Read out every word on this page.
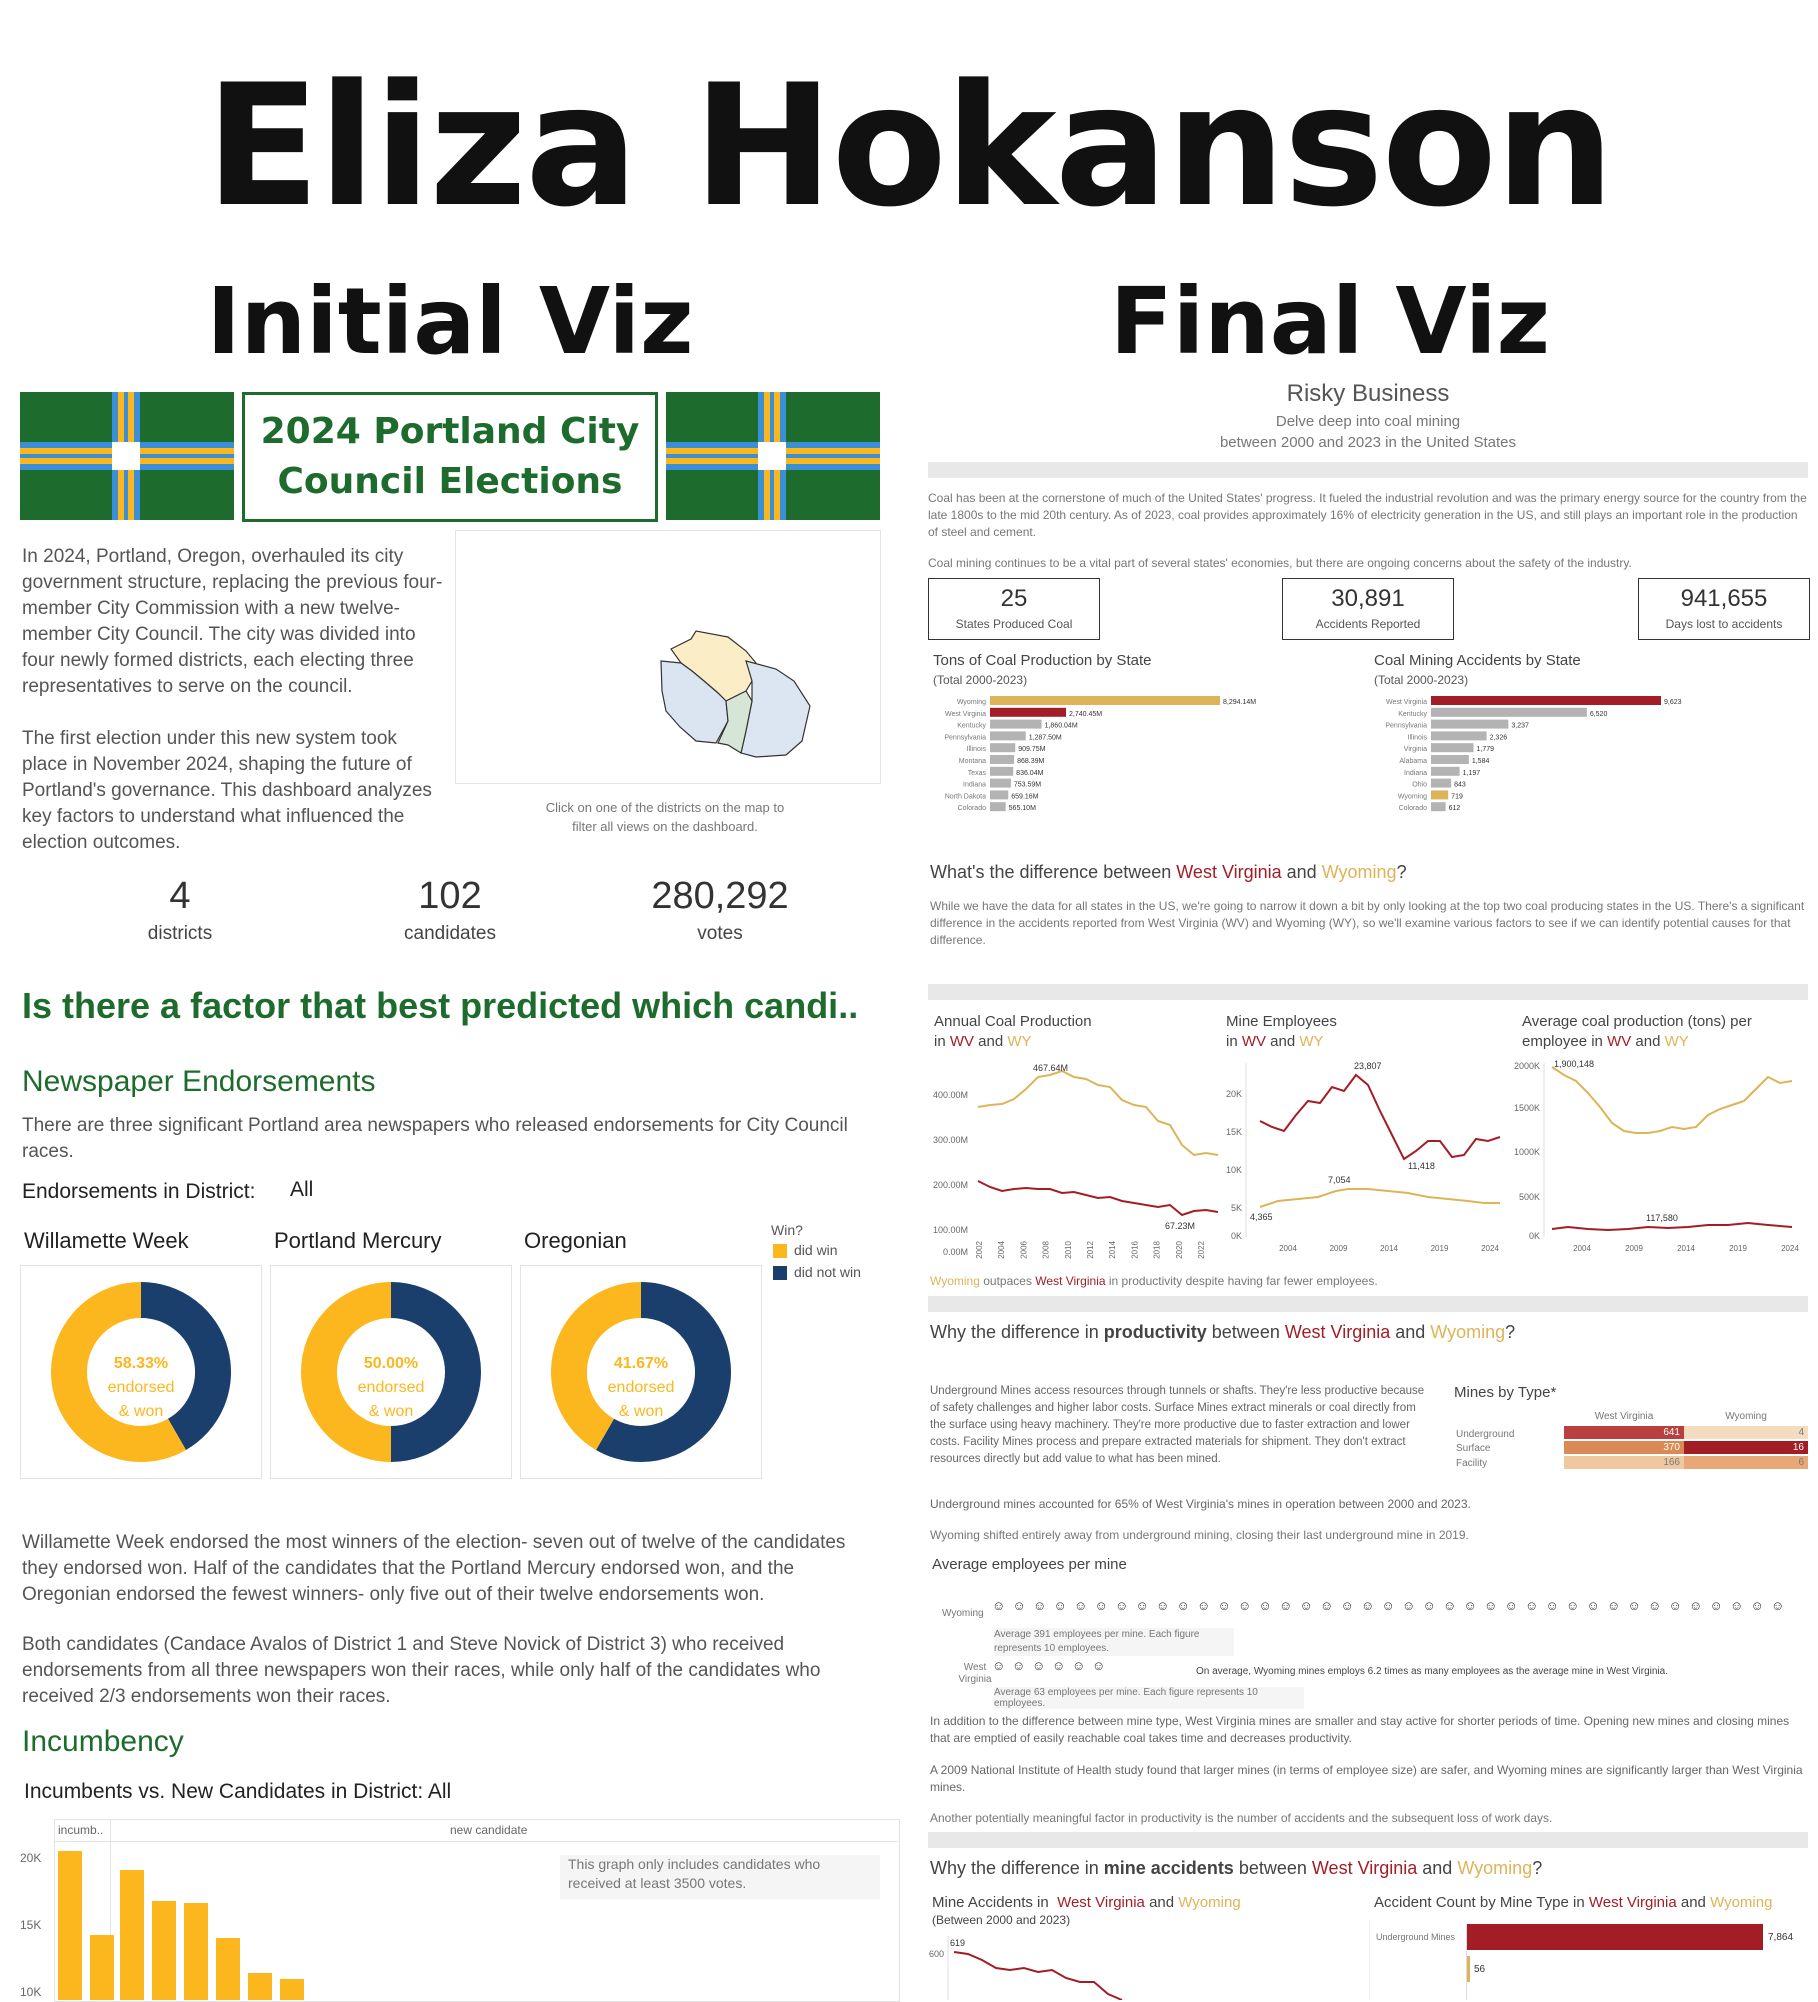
Eliza Hokanson
Initial Viz	Final Viz
2024 Portland City
Council Elections
In 2024, Portland, Oregon, overhauled its city government structure, replacing the previous four-member City Commission with a new twelve-member City Council. The city was divided into four newly formed districts, each electing three representatives to serve on the council.
The first election under this new system took place in November 2024, shaping the future of Portland's governance. This dashboard analyzes key factors to understand what influenced the election outcomes.
Click on one of the districts on the map to filter all views on the dashboard.
4
districts
102
candidates
280,292
votes
Is there a factor that best predicted which candi..
Newspaper Endorsements
There are three significant Portland area newspapers who released endorsements for City Council races.
Endorsements in District: All
Willamette Week	Portland Mercury	Oregonian	Win?
did win
did not win
58.33%
endorsed
& won
50.00%
endorsed
& won
41.67%
endorsed
& won
Willamette Week endorsed the most winners of the election- seven out of twelve of the candidates they endorsed won. Half of the candidates that the Portland Mercury endorsed won, and the Oregonian endorsed the fewest winners- only five out of their twelve endorsements won.
Both candidates (Candace Avalos of District 1 and Steve Novick of District 3) who received endorsements from all three newspapers won their races, while only half of the candidates who received 2/3 endorsements won their races.
Incumbency
Incumbents vs. New Candidates in District: All
incumb..	new candidate
20K
15K
10K
This graph only includes candidates who received at least 3500 votes.
Risky Business
Delve deep into coal mining
between 2000 and 2023 in the United States
Coal has been at the cornerstone of much of the United States' progress. It fueled the industrial revolution and was the primary energy source for the country from the late 1800s to the mid 20th century. As of 2023, coal provides approximately 16% of electricity generation in the US, and still plays an important role in the production of steel and cement.
Coal mining continues to be a vital part of several states' economies, but there are ongoing concerns about the safety of the industry.
25
States Produced Coal
30,891
Accidents Reported
941,655
Days lost to accidents
Tons of Coal Production by State
(Total 2000-2023)
Wyoming	8,294.14M
West Virginia	2,740.45M
Kentucky	1,860.04M
Pennsylvania	1,287.50M
Illinois	909.75M
Montana	868.39M
Texas	836.04M
Indiana	753.59M
North Dakota	659.16M
Colorado	565.10M
Coal Mining Accidents by State
(Total 2000-2023)
West Virginia	9,623
Kentucky	6,520
Pennsylvania	3,237
Illinois	2,326
Virginia	1,779
Alabama	1,584
Indiana	1,197
Ohio	843
Wyoming	719
Colorado	612
What's the difference between West Virginia and Wyoming?
While we have the data for all states in the US, we're going to narrow it down a bit by only looking at the top two coal producing states in the US. There's a significant difference in the accidents reported from West Virginia (WV) and Wyoming (WY), so we'll examine various factors to see if we can identify potential causes for that difference.
Annual Coal Production
in WV and WY
Mine Employees
in WV and WY
Average coal production (tons) per
employee in WV and WY
400.00M
300.00M
200.00M
100.00M
0.00M
467.64M
67.23M
2002 2004 2006 2008 2010 2012 2014 2016 2018 2020 2022
20K
15K
10K
5K
0K
23,807
11,418
7,054
4,365
2004	2009	2014	2019	2024
2000K
1500K
1000K
500K
0K
1,900,148
117,580
2004	2009	2014	2019	2024
Wyoming outpaces West Virginia in productivity despite having far fewer employees.
Why the difference in productivity between West Virginia and Wyoming?
Underground Mines access resources through tunnels or shafts. They're less productive because of safety challenges and higher labor costs. Surface Mines extract minerals or coal directly from the surface using heavy machinery. They're more productive due to faster extraction and lower costs. Facility Mines process and prepare extracted materials for shipment. They don't extract resources directly but add value to what has been mined.
Mines by Type*
West Virginia	Wyoming
Underground	641	4
Surface	370	16
Facility	166	6
Underground mines accounted for 65% of West Virginia's mines in operation between 2000 and 2023.
Wyoming shifted entirely away from underground mining, closing their last underground mine in 2019.
Average employees per mine
Wyoming
☺ ☺ ☺ ☺ ☺ ☺ ☺ ☺ ☺ ☺ ☺ ☺ ☺ ☺ ☺ ☺ ☺ ☺ ☺ ☺ ☺ ☺ ☺ ☺ ☺ ☺ ☺ ☺ ☺ ☺ ☺ ☺ ☺ ☺ ☺ ☺ ☺ ☺ ☺
Average 391 employees per mine. Each figure represents 10 employees.
West Virginia
☺ ☺ ☺ ☺ ☺ ☺	On average, Wyoming mines employs 6.2 times as many employees as the average mine in West Virginia.
Average 63 employees per mine. Each figure represents 10 employees.
In addition to the difference between mine type, West Virginia mines are smaller and stay active for shorter periods of time. Opening new mines and closing mines that are emptied of easily reachable coal takes time and decreases productivity.
A 2009 National Institute of Health study found that larger mines (in terms of employee size) are safer, and Wyoming mines are significantly larger than West Virginia mines.
Another potentially meaningful factor in productivity is the number of accidents and the subsequent loss of work days.
Why the difference in mine accidents between West Virginia and Wyoming?
Mine Accidents in West Virginia and Wyoming
(Between 2000 and 2023)
600
619
Accident Count by Mine Type in West Virginia and Wyoming
Underground Mines	7,864
56
